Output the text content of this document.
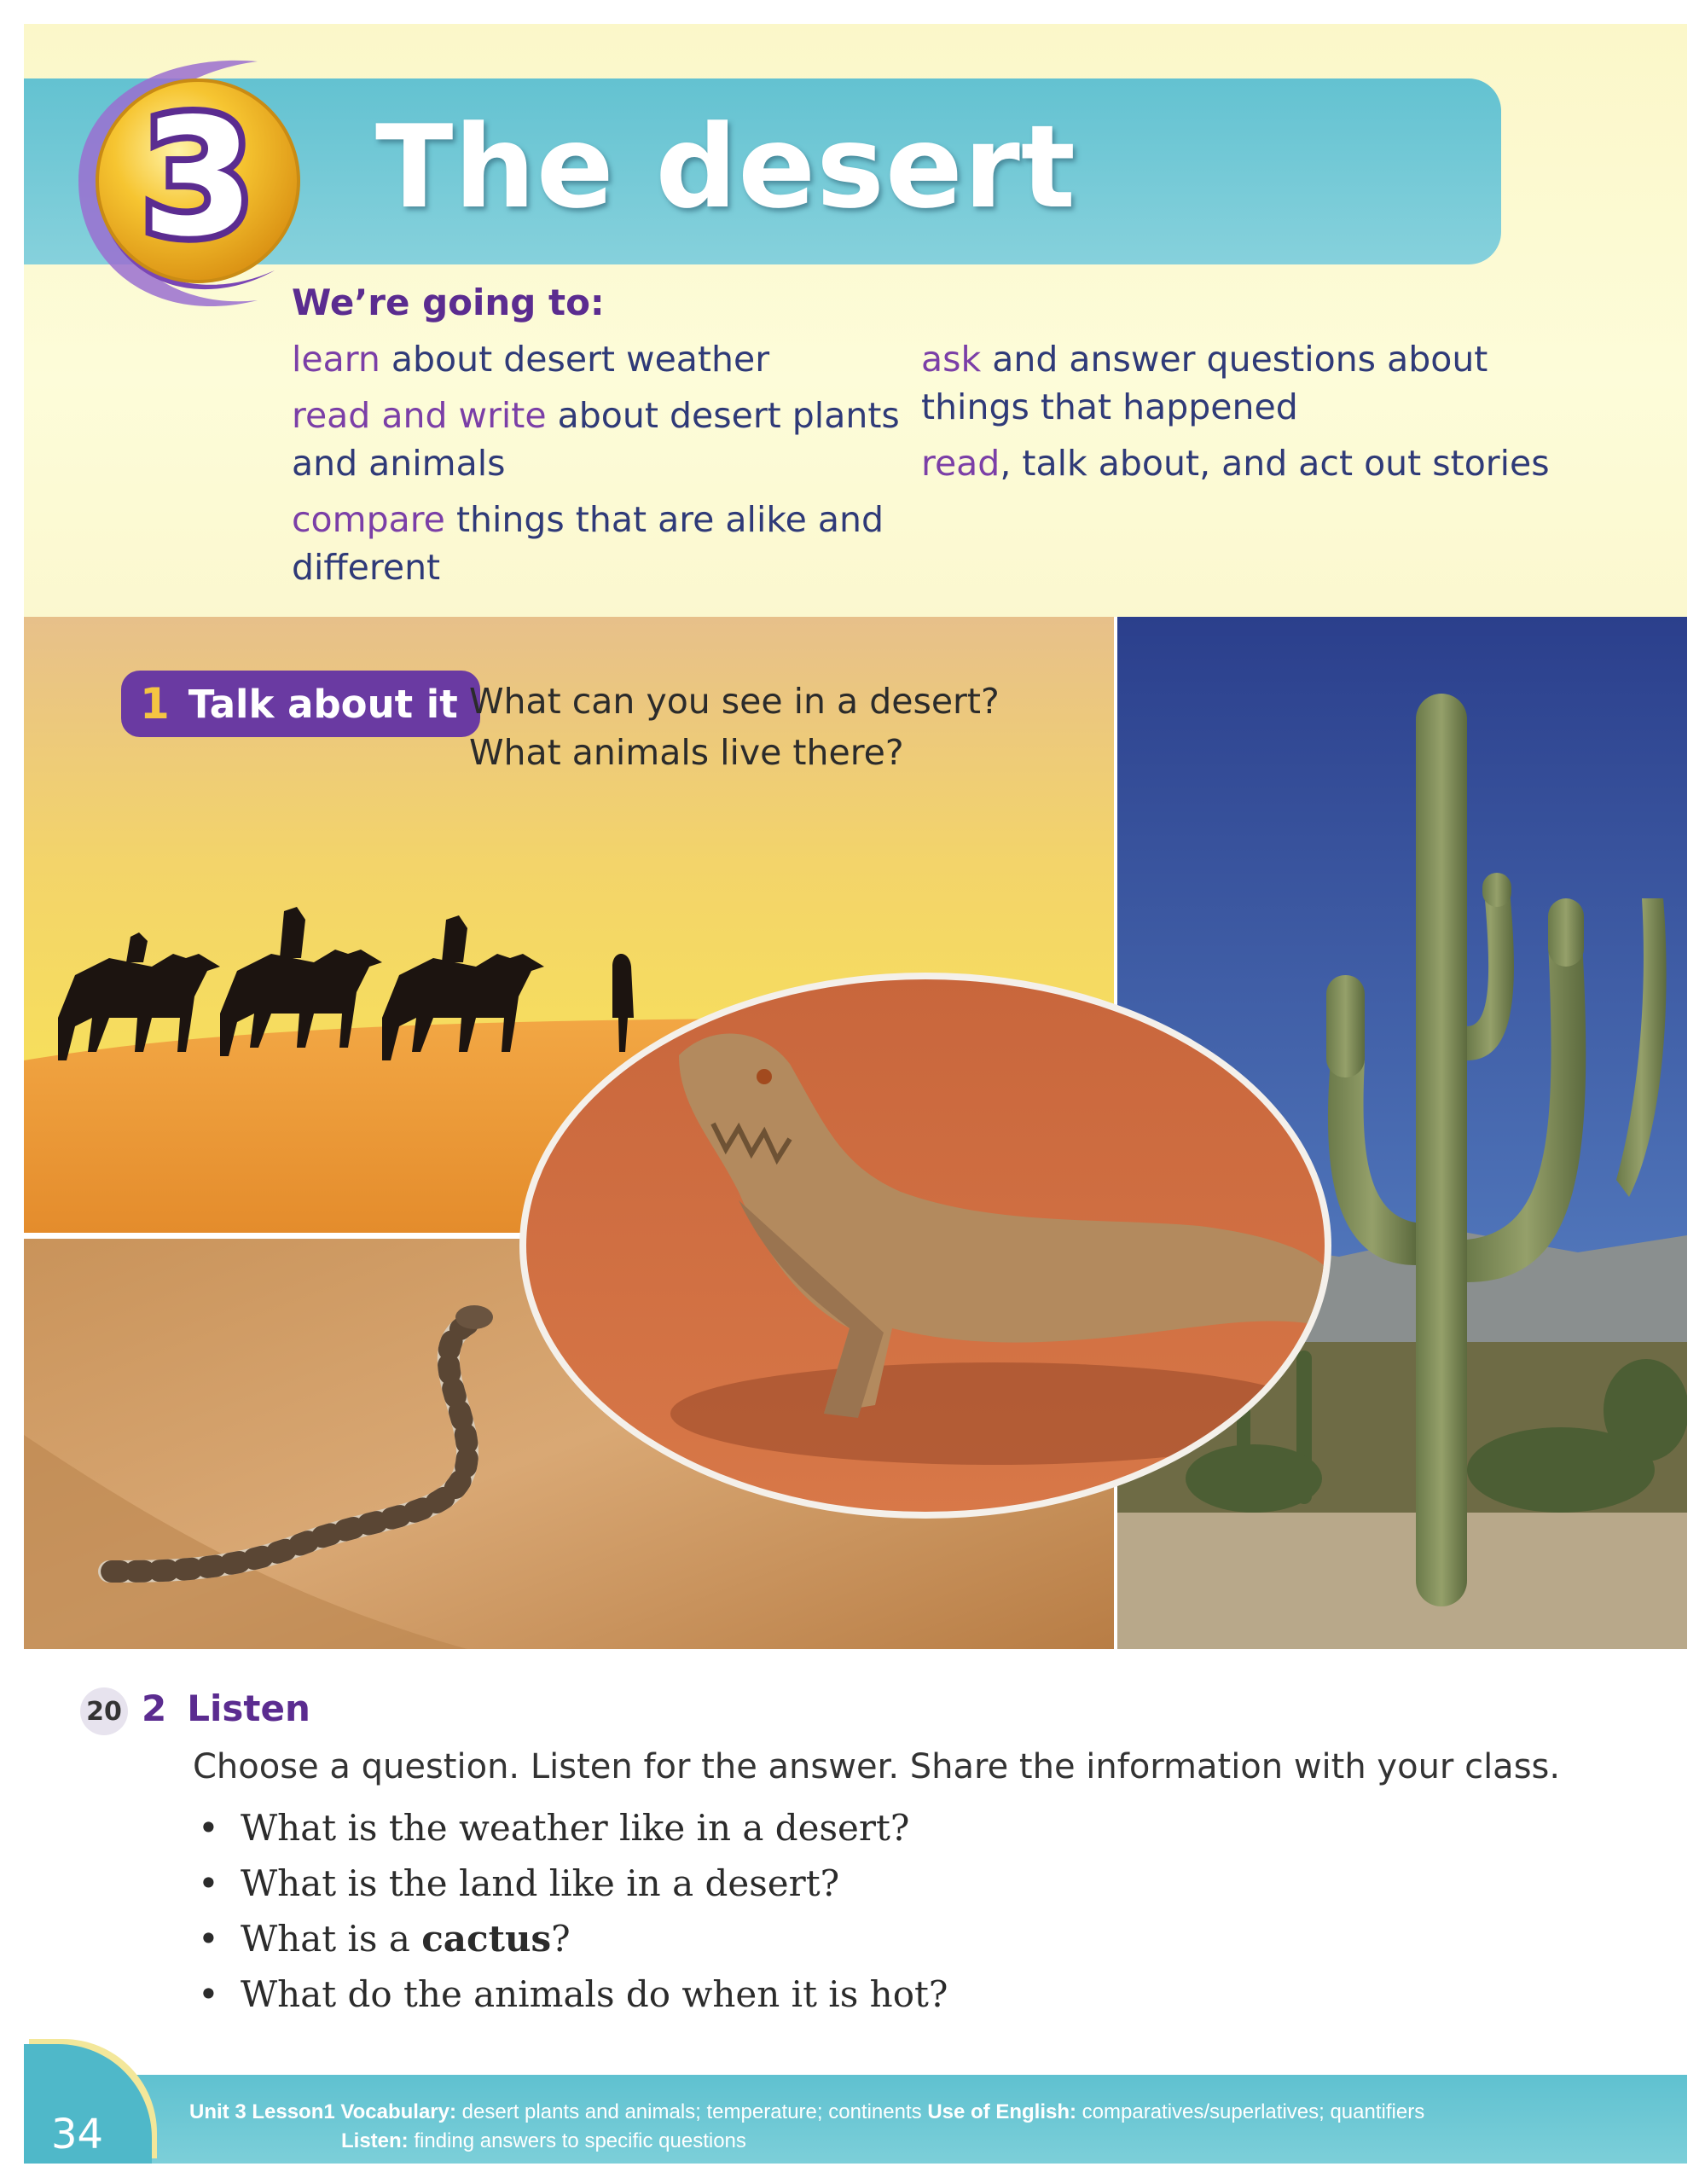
3 The desert
We’re going to:

learn about desert weather

read and write about desert plants and animals

compare things that are alike and different

ask and answer questions about things that happened

read, talk about, and act out stories

1 Talk about it What can you see in a desert?

What animals live there?

20 2 Listen

Choose a question. Listen for the answer. Share the information with your class.

• What is the weather like in a desert?
• What is the land like in a desert?
• What is a cactus?
• What do the animals do when it is hot?

34	Unit 3 Lesson1 Vocabulary: desert plants and animals; temperature; continents Use of English: comparatives/superlatives; quantifiers

Listen: finding answers to specific questions
